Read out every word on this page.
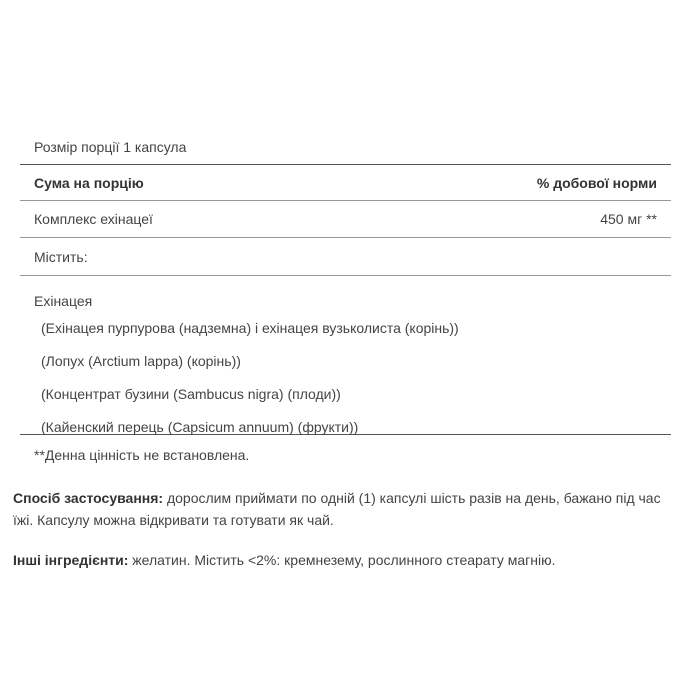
Розмір порції 1 капсула
Сума на порцію	% добової норми
Комплекс ехінацеї	450 мг **
Містить:
Ехінацея
(Ехінацея пурпурова (надземна) і ехінацея вузьколиста (корінь))
(Лопух (Arctium lappa) (корінь))
(Концентрат бузини (Sambucus nigra) (плоди))
(Кайенский перець (Capsicum annuum) (фрукти))
**Денна цінність не встановлена.
Спосіб застосування: дорослим приймати по одній (1) капсулі шість разів на день, бажано під час їжі. Капсулу можна відкривати та готувати як чай.
Інші інгредієнти: желатин. Містить <2%: кремнезему, рослинного стеарату магнію.
